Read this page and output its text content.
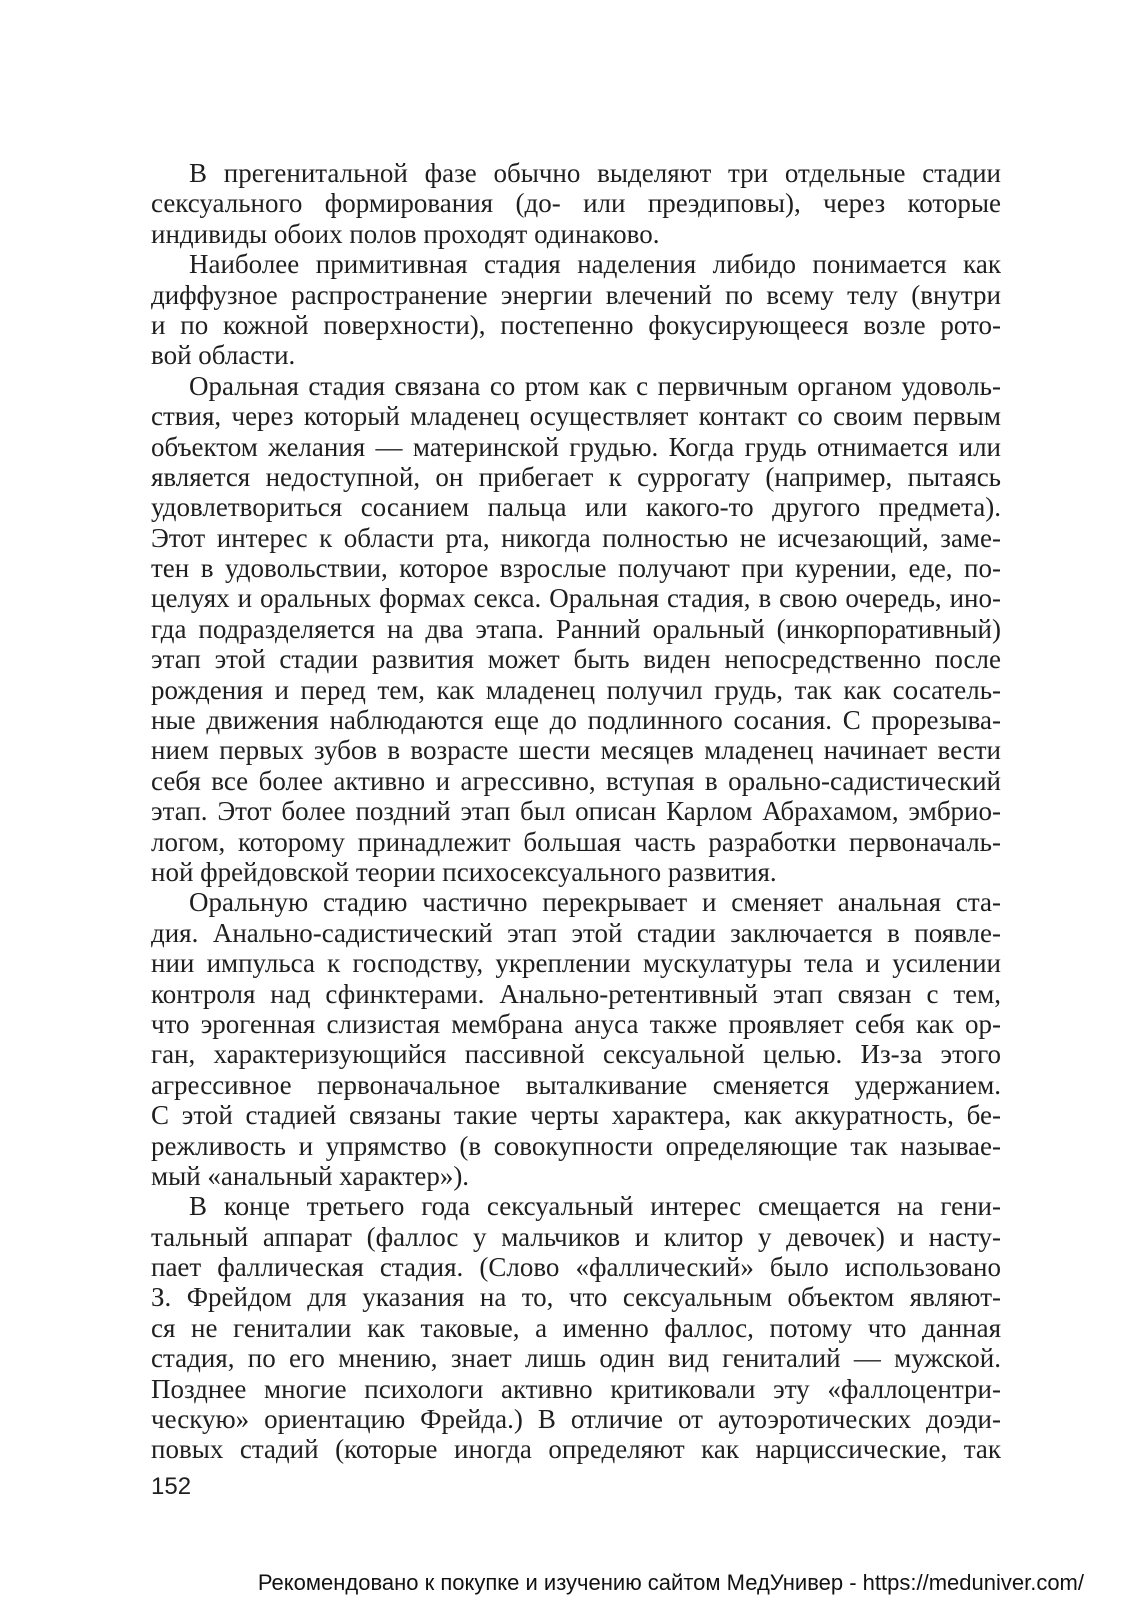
В прегенитальной фазе обычно выделяют три отдельные стадии
сексуального формирования (до- или преэдиповы), через которые
индивиды обоих полов проходят одинаково.
Наиболее примитивная стадия наделения либидо понимается как
диффузное распространение энергии влечений по всему телу (внутри
и по кожной поверхности), постепенно фокусирующееся возле рото-
вой области.
Оральная стадия связана со ртом как с первичным органом удоволь-
ствия, через который младенец осуществляет контакт со своим первым
объектом желания — материнской грудью. Когда грудь отнимается или
является недоступной, он прибегает к суррогату (например, пытаясь
удовлетвориться сосанием пальца или какого-то другого предмета).
Этот интерес к области рта, никогда полностью не исчезающий, заме-
тен в удовольствии, которое взрослые получают при курении, еде, по-
целуях и оральных формах секса. Оральная стадия, в свою очередь, ино-
гда подразделяется на два этапа. Ранний оральный (инкорпоративный)
этап этой стадии развития может быть виден непосредственно после
рождения и перед тем, как младенец получил грудь, так как сосатель-
ные движения наблюдаются еще до подлинного сосания. С прорезыва-
нием первых зубов в возрасте шести месяцев младенец начинает вести
себя все более активно и агрессивно, вступая в орально-садистический
этап. Этот более поздний этап был описан Карлом Абрахамом, эмбрио-
логом, которому принадлежит большая часть разработки первоначаль-
ной фрейдовской теории психосексуального развития.
Оральную стадию частично перекрывает и сменяет анальная ста-
дия. Анально-садистический этап этой стадии заключается в появле-
нии импульса к господству, укреплении мускулатуры тела и усилении
контроля над сфинктерами. Анально-ретентивный этап связан с тем,
что эрогенная слизистая мембрана ануса также проявляет себя как ор-
ган, характеризующийся пассивной сексуальной целью. Из-за этого
агрессивное первоначальное выталкивание сменяется удержанием.
С этой стадией связаны такие черты характера, как аккуратность, бе-
режливость и упрямство (в совокупности определяющие так называе-
мый «анальный характер»).
В конце третьего года сексуальный интерес смещается на гени-
тальный аппарат (фаллос у мальчиков и клитор у девочек) и насту-
пает фаллическая стадия. (Слово «фаллический» было использовано
З. Фрейдом для указания на то, что сексуальным объектом являют-
ся не гениталии как таковые, а именно фаллос, потому что данная
стадия, по его мнению, знает лишь один вид гениталий — мужской.
Позднее многие психологи активно критиковали эту «фаллоцентри-
ческую» ориентацию Фрейда.) В отличие от аутоэротических доэди-
повых стадий (которые иногда определяют как нарциссические, так
152
Рекомендовано к покупке и изучению сайтом МедУнивер - https://meduniver.com/
